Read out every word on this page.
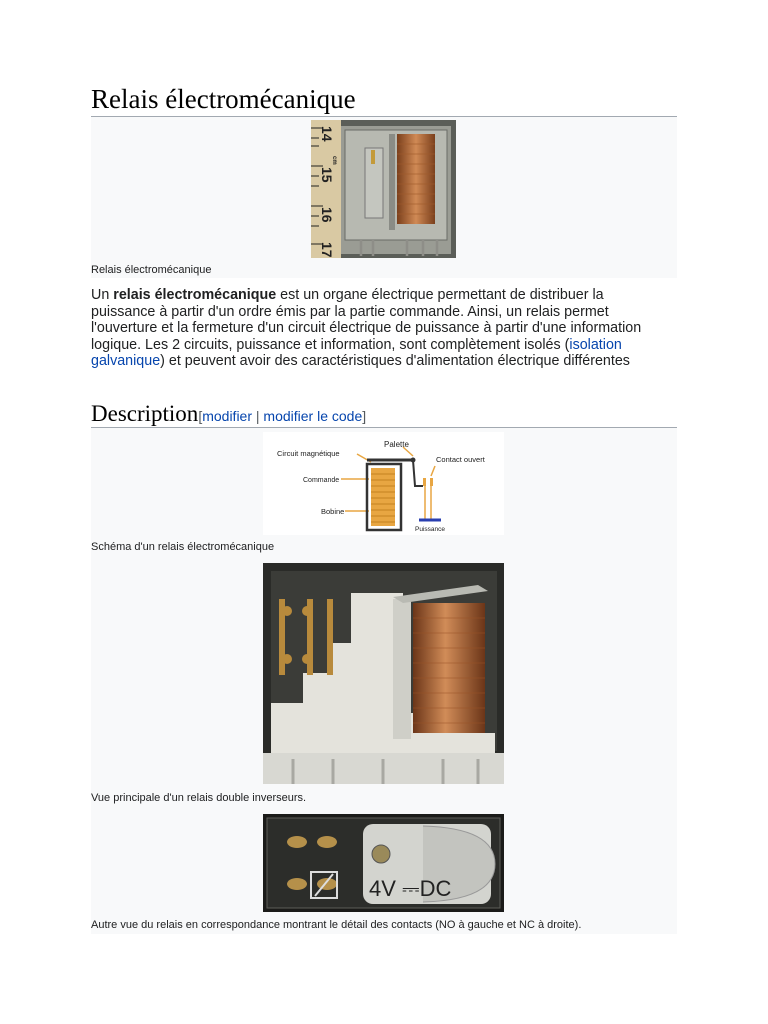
Relais électromécanique
14
cm
15
16
17
Relais électromécanique

Un relais électromécanique est un organe électrique permettant de distribuer la puissance à partir d'un ordre émis par la partie commande. Ainsi, un relais permet l'ouverture et la fermeture d'un circuit électrique de puissance à partir d'une information logique. Les 2 circuits, puissance et information, sont complètement isolés (isolation galvanique) et peuvent avoir des caractéristiques d'alimentation électrique différentes

Description[modifier | modifier le code]
Palette
Circuit magnétique
Contact ouvert
Commande
Bobine
Puissance
Schéma d'un relais électromécanique
Vue principale d'un relais double inverseurs.
4V ⎓DC
Autre vue du relais en correspondance montrant le détail des contacts (NO à gauche et NC à droite).
